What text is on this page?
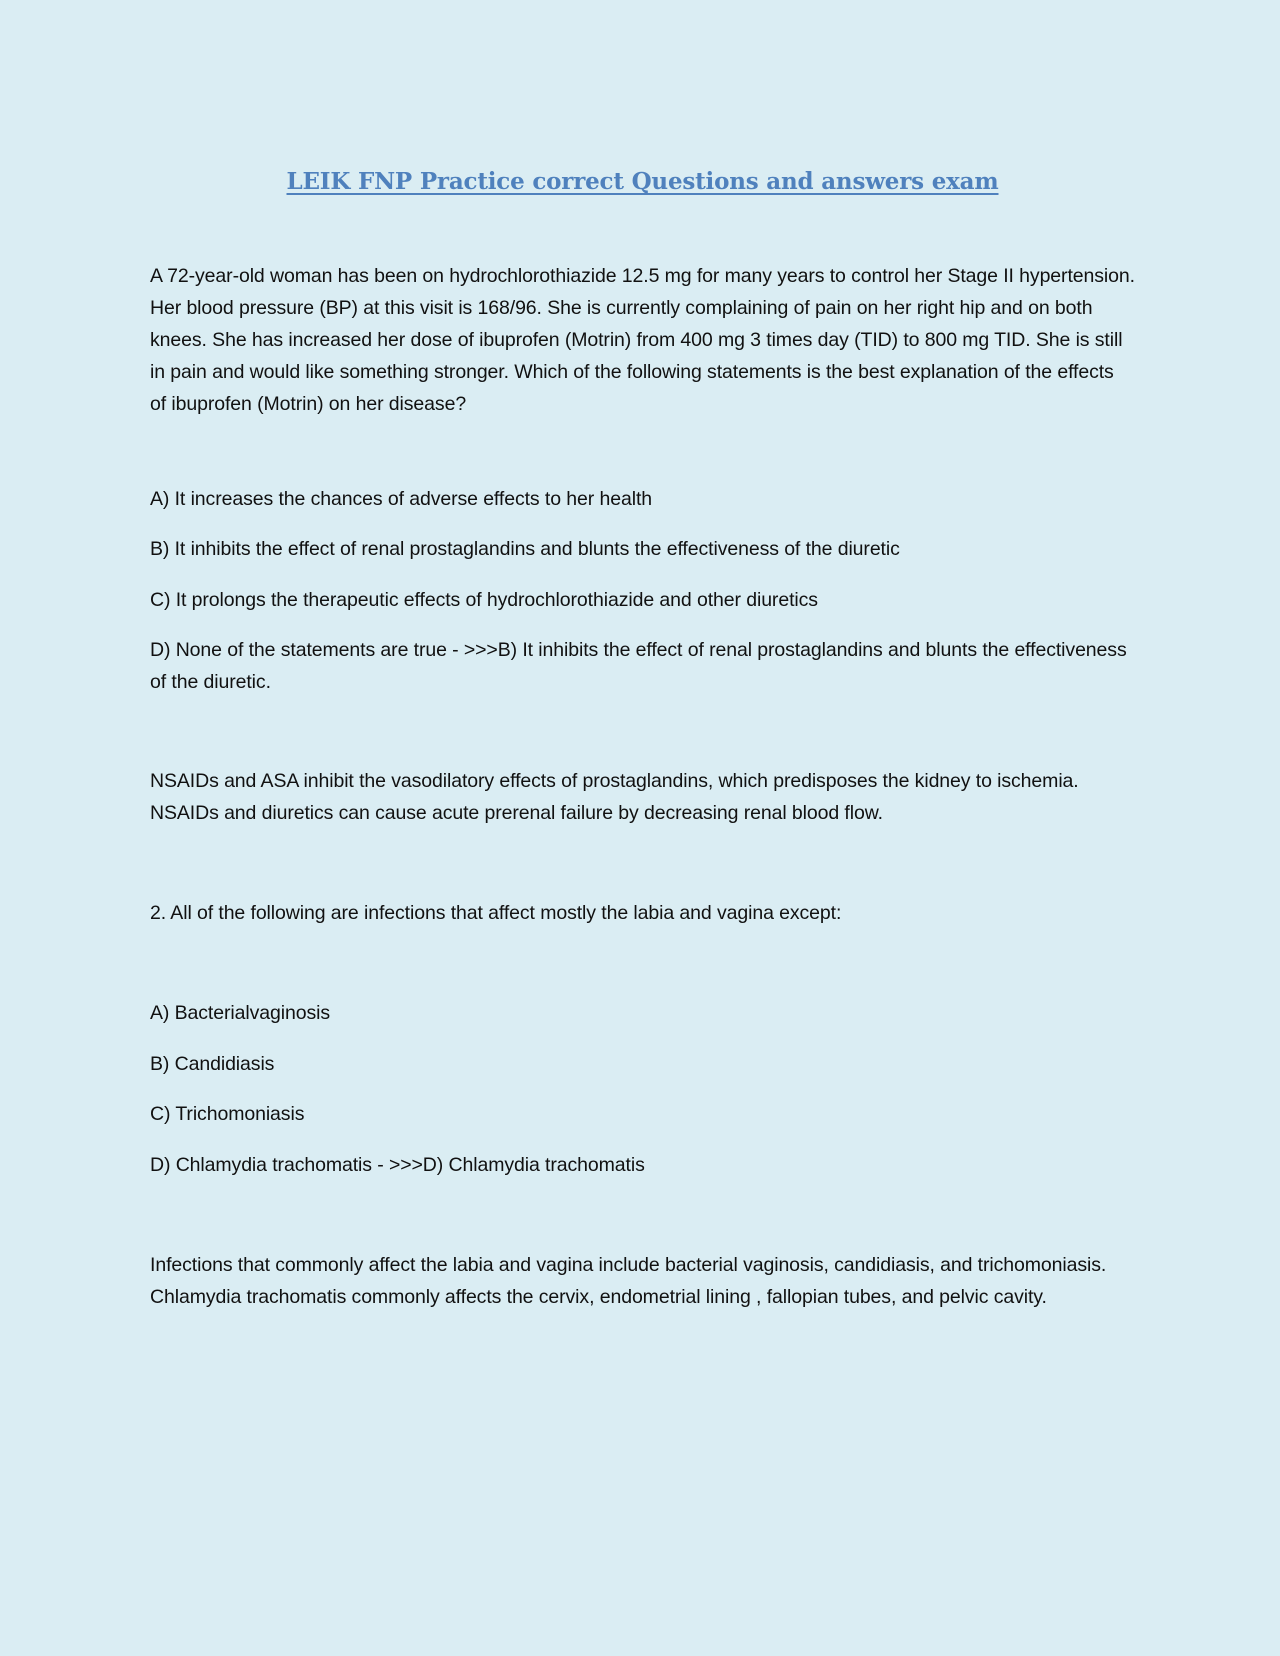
LEIK FNP Practice correct Questions and answers exam

A 72-year-old woman has been on hydrochlorothiazide 12.5 mg for many years to control her Stage II hypertension. Her blood pressure (BP) at this visit is 168/96. She is currently complaining of pain on her right hip and on both knees. She has increased her dose of ibuprofen (Motrin) from 400 mg 3 times day (TID) to 800 mg TID. She is still in pain and would like something stronger. Which of the following statements is the best explanation of the effects of ibuprofen (Motrin) on her disease?

A) It increases the chances of adverse effects to her health

B) It inhibits the effect of renal prostaglandins and blunts the effectiveness of the diuretic

C) It prolongs the therapeutic effects of hydrochlorothiazide and other diuretics

D) None of the statements are true - >>>B) It inhibits the effect of renal prostaglandins and blunts the effectiveness of the diuretic.

NSAIDs and ASA inhibit the vasodilatory effects of prostaglandins, which predisposes the kidney to ischemia. NSAIDs and diuretics can cause acute prerenal failure by decreasing renal blood flow.

2. All of the following are infections that affect mostly the labia and vagina except:

A) Bacterialvaginosis

B) Candidiasis

C) Trichomoniasis

D) Chlamydia trachomatis - >>>D) Chlamydia trachomatis

Infections that commonly affect the labia and vagina include bacterial vaginosis, candidiasis, and trichomoniasis. Chlamydia trachomatis commonly affects the cervix, endometrial lining , fallopian tubes, and pelvic cavity.
